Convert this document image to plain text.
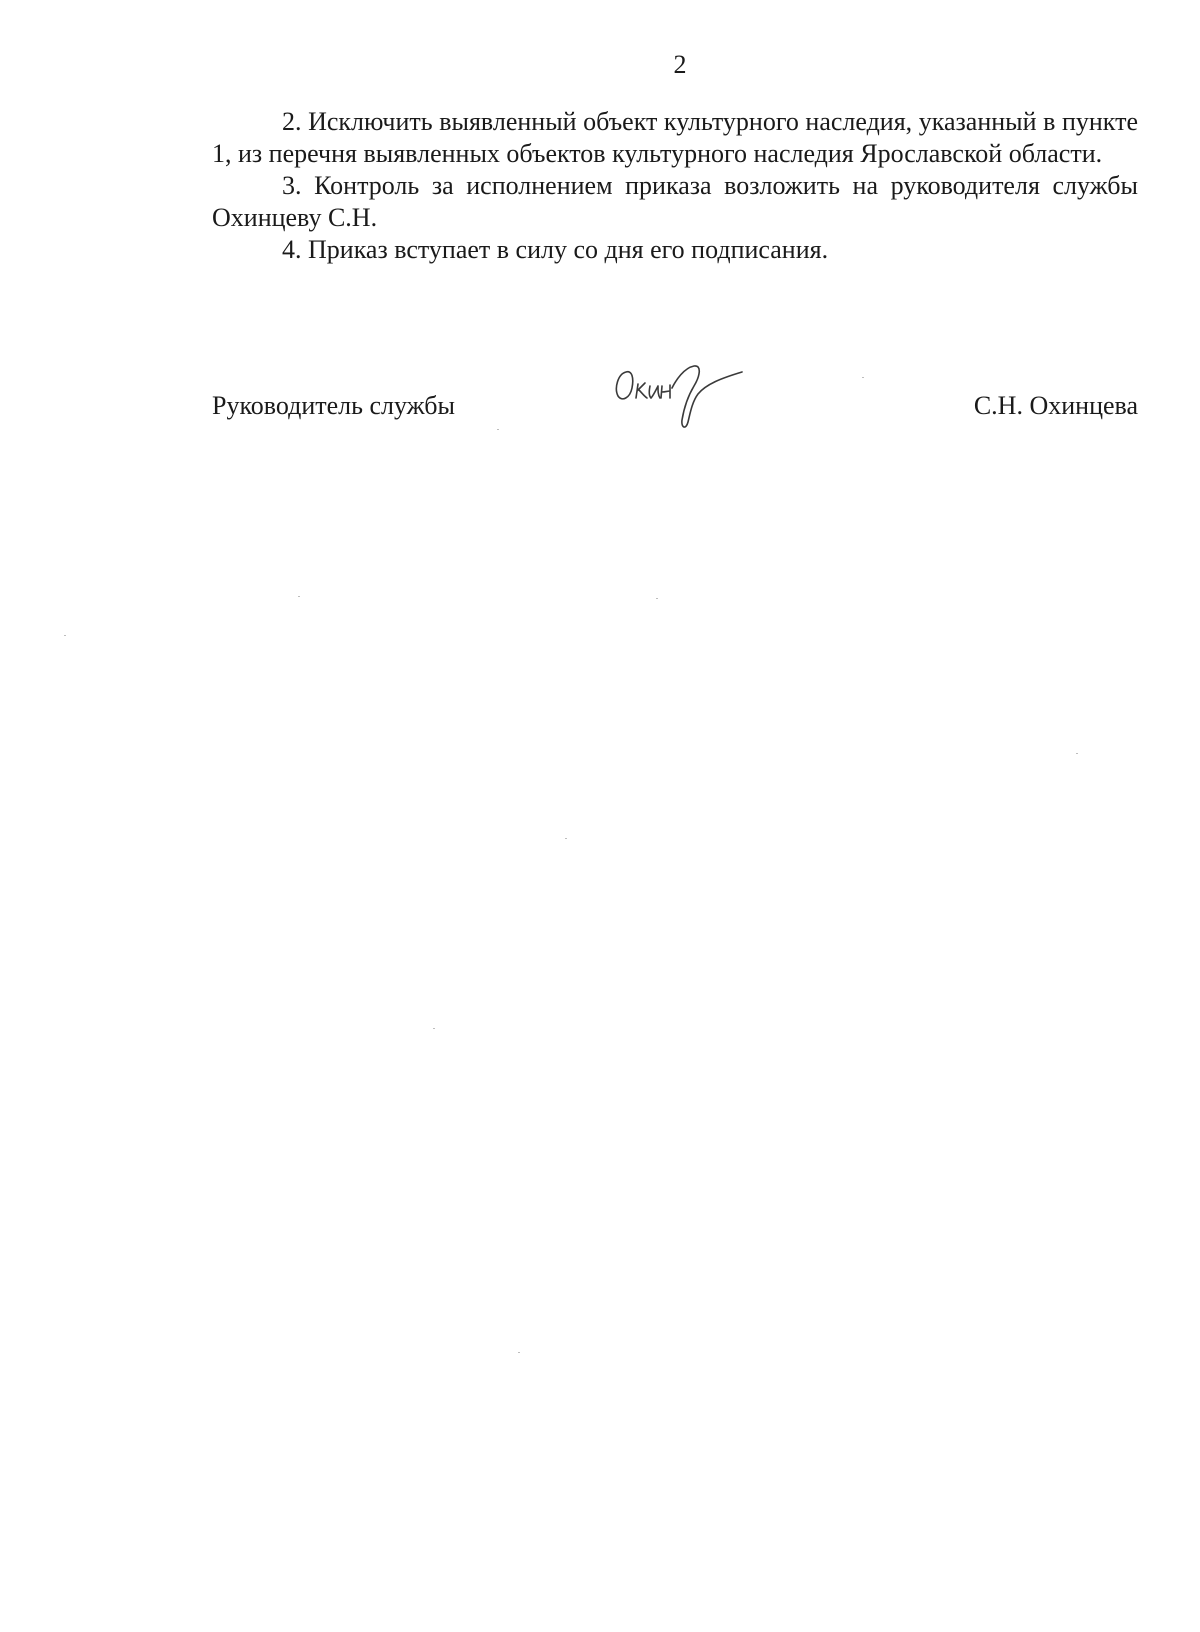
2

2. Исключить выявленный объект культурного наследия, указанный в пункте 1, из перечня выявленных объектов культурного наследия Ярославской области.

3. Контроль за исполнением приказа возложить на руководителя службы Охинцеву С.Н.

4. Приказ вступает в силу со дня его подписания.

Руководитель службы	С.Н. Охинцева
